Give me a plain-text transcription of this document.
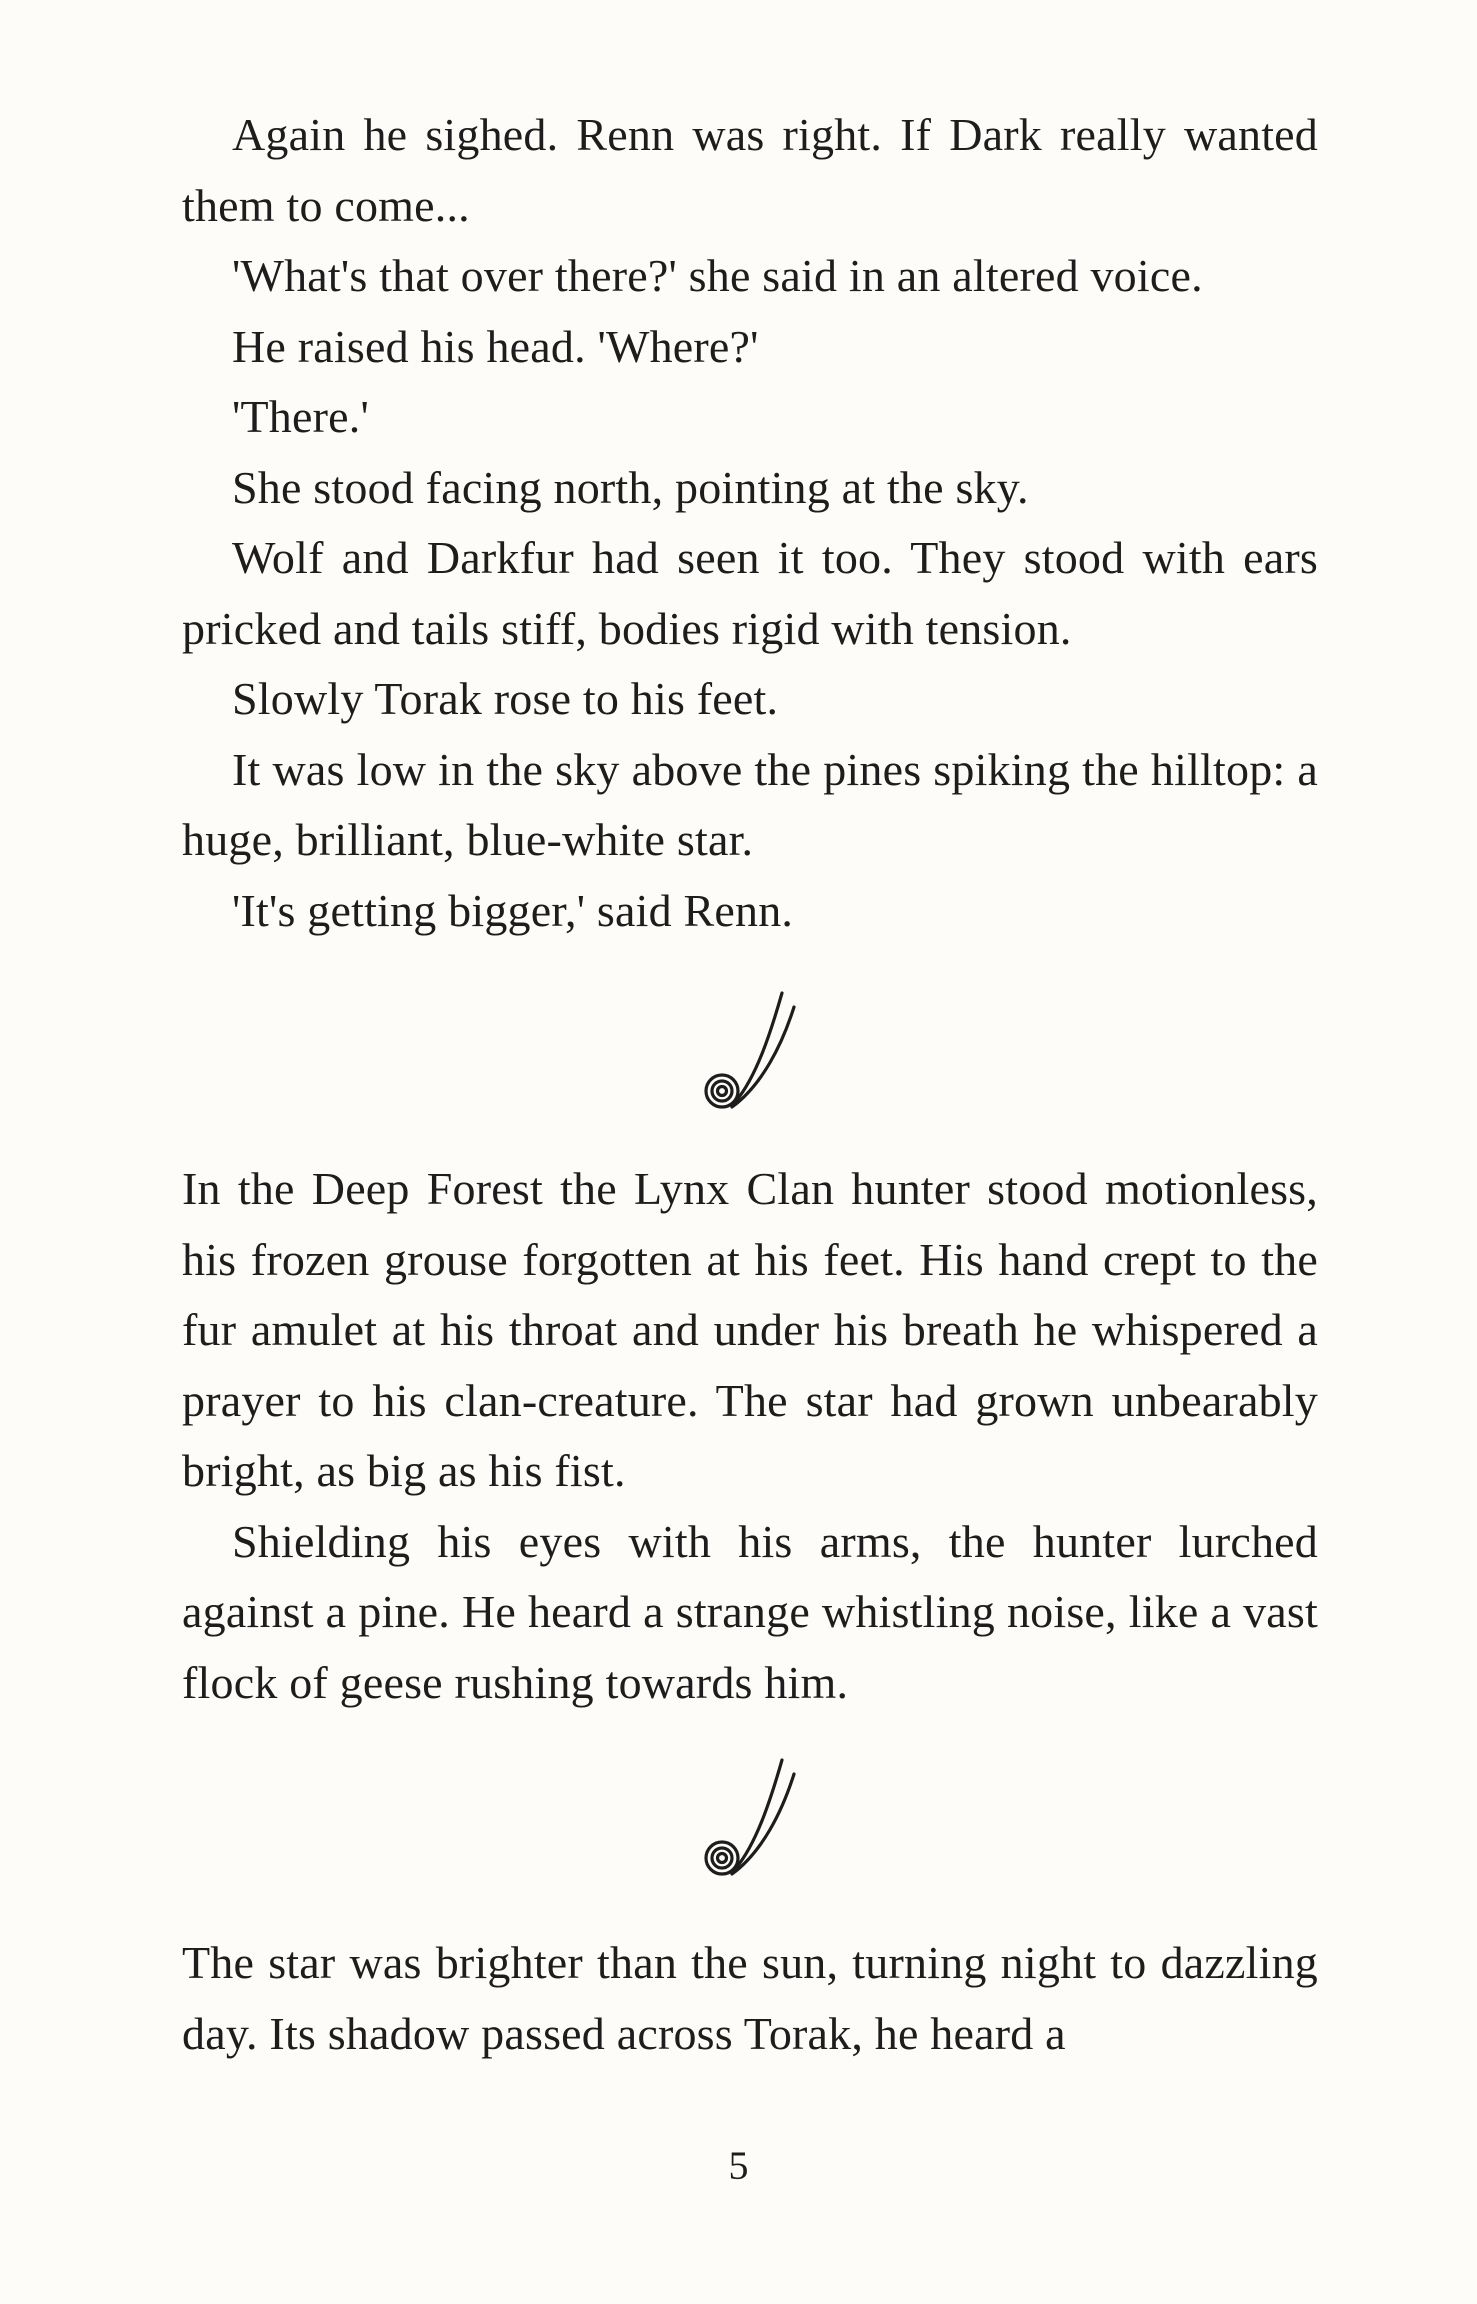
Again he sighed. Renn was right. If Dark really wanted them to come...

'What's that over there?' she said in an altered voice.

He raised his head. 'Where?'

'There.'

She stood facing north, pointing at the sky.

Wolf and Darkfur had seen it too. They stood with ears pricked and tails stiff, bodies rigid with tension.

Slowly Torak rose to his feet.

It was low in the sky above the pines spiking the hilltop: a huge, brilliant, blue-white star.

'It's getting bigger,' said Renn.

In the Deep Forest the Lynx Clan hunter stood motionless, his frozen grouse forgotten at his feet. His hand crept to the fur amulet at his throat and under his breath he whispered a prayer to his clan-creature. The star had grown unbearably bright, as big as his fist.

Shielding his eyes with his arms, the hunter lurched against a pine. He heard a strange whistling noise, like a vast flock of geese rushing towards him.

The star was brighter than the sun, turning night to dazzling day. Its shadow passed across Torak, he heard a

5
